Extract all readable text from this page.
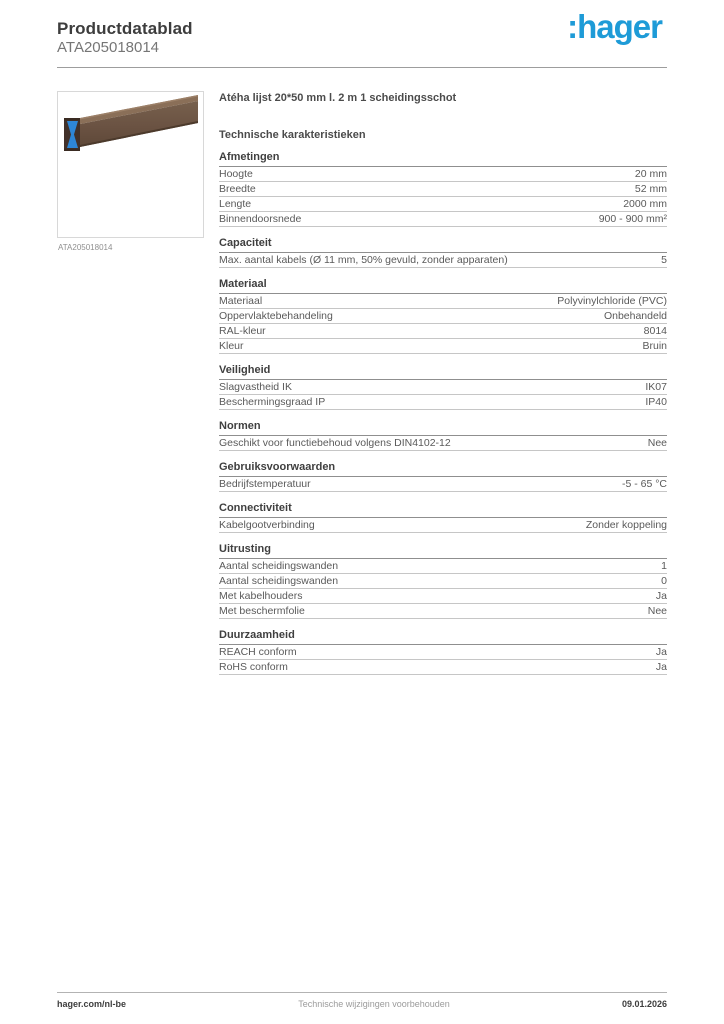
Productdatablad
ATA205018014
:hager
ATA205018014
Atéha lijst 20*50 mm l. 2 m 1 scheidingsschot
Technische karakteristieken
Afmetingen
Hoogte	20 mm
Breedte	52 mm
Lengte	2000 mm
Binnendoorsnede	900 - 900 mm²
Capaciteit
Max. aantal kabels (Ø 11 mm, 50% gevuld, zonder apparaten)	5
Materiaal
Materiaal	Polyvinylchloride (PVC)
Oppervlaktebehandeling	Onbehandeld
RAL-kleur	8014
Kleur	Bruin
Veiligheid
Slagvastheid IK	IK07
Beschermingsgraad IP	IP40
Normen
Geschikt voor functiebehoud volgens DIN4102-12	Nee
Gebruiksvoorwaarden
Bedrijfstemperatuur	-5 - 65 °C
Connectiviteit
Kabelgootverbinding	Zonder koppeling
Uitrusting
Aantal scheidingswanden	1
Aantal scheidingswanden	0
Met kabelhouders	Ja
Met beschermfolie	Nee
Duurzaamheid
REACH conform	Ja
RoHS conform	Ja
hager.com/nl-be	Technische wijzigingen voorbehouden	09.01.2026
